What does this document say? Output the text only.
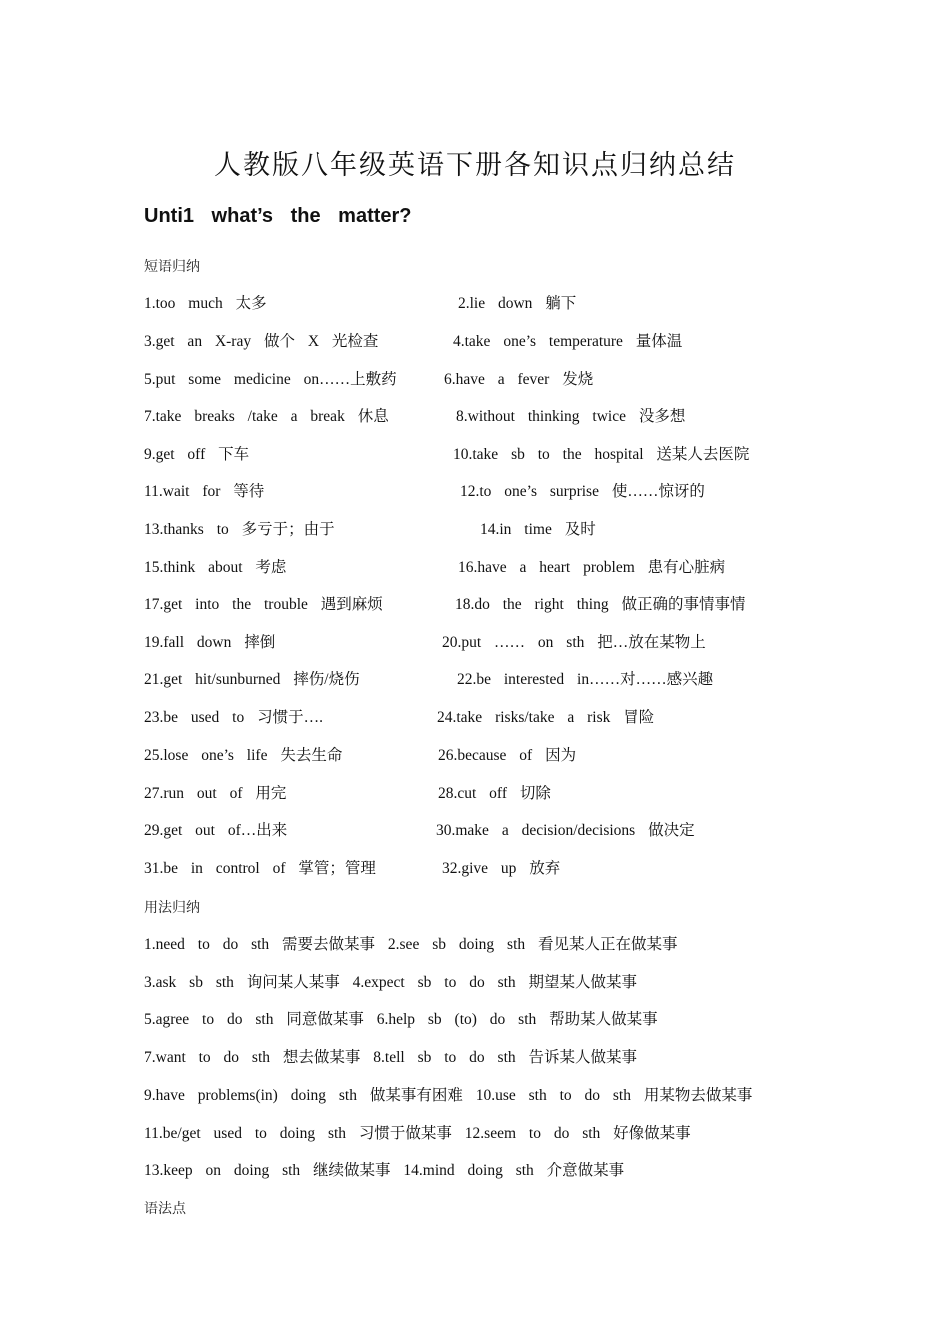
人教版八年级英语下册各知识点归纳总结
Unti1 what’s the matter?
短语归纳
1.too much 太多	2.lie down 躺下
3.get an X-ray 做个 X 光检查	4.take one’s temperature 量体温
5.put some medicine on……上敷药	6.have a fever 发烧
7.take breaks /take a break 休息	8.without thinking twice 没多想
9.get off 下车	10.take sb to the hospital 送某人去医院
11.wait for 等待	12.to one’s surprise 使……惊讶的
13.thanks to 多亏于；由于	14.in time 及时
15.think about 考虑	16.have a heart problem 患有心脏病
17.get into the trouble 遇到麻烦	18.do the right thing 做正确的事情事情
19.fall down 摔倒	20.put …… on sth 把…放在某物上
21.get hit/sunburned 摔伤/烧伤	22.be interested in……对……感兴趣
23.be used to 习惯于….	24.take risks/take a risk 冒险
25.lose one’s life 失去生命	26.because of 因为
27.run out of 用完	28.cut off 切除
29.get out of…出来	30.make a decision/decisions 做决定
31.be in control of 掌管；管理	32.give up 放弃
用法归纳
1.need to do sth 需要去做某事 2.see sb doing sth 看见某人正在做某事
3.ask sb sth 询问某人某事 4.expect sb to do sth 期望某人做某事
5.agree to do sth 同意做某事 6.help sb (to) do sth 帮助某人做某事
7.want to do sth 想去做某事 8.tell sb to do sth 告诉某人做某事
9.have problems(in) doing sth 做某事有困难 10.use sth to do sth 用某物去做某事
11.be/get used to doing sth 习惯于做某事 12.seem to do sth 好像做某事
13.keep on doing sth 继续做某事 14.mind doing sth 介意做某事
语法点
